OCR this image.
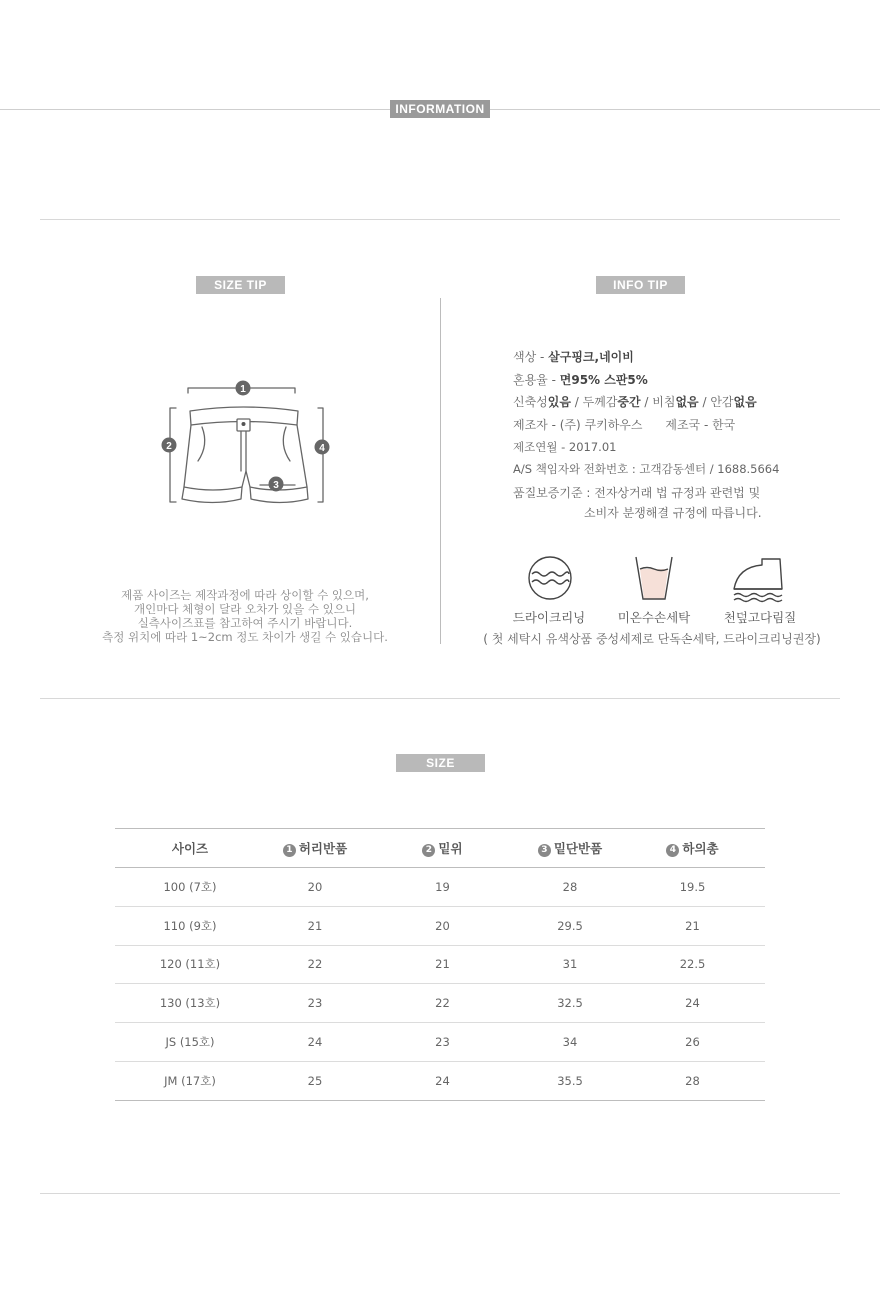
INFORMATION
SIZE TIP
1
2
3
4
제품 사이즈는 제작과정에 따라 상이할 수 있으며,
개인마다 체형이 달라 오차가 있을 수 있으니
실측사이즈표를 참고하여 주시기 바랍니다.
측정 위치에 따라 1~2cm 정도 차이가 생길 수 있습니다.
INFO TIP
색상 - 살구핑크,네이비
혼용율 - 면95% 스판5%
신축성있음 / 두께감중간 / 비침없음 / 안감없음
제조자 - (주) 쿠키하우스      제조국 - 한국
제조연월 - 2017.01
A/S 책임자와 전화번호 : 고객감동센터 / 1688.5664
품질보증기준 : 전자상거래 법 규정과 관련법 및
소비자 분쟁해결 규정에 따릅니다.
드라이크리닝	미온수손세탁	천덮고다림질
( 첫 세탁시 유색상품 중성세제로 단독손세탁, 드라이크리닝권장)
SIZE
사이즈	1 허리반품	2 밑위	3 밑단반품	4 하의총
100 (7호)	20	19	28	19.5
110 (9호)	21	20	29.5	21
120 (11호)	22	21	31	22.5
130 (13호)	23	22	32.5	24
JS (15호)	24	23	34	26
JM (17호)	25	24	35.5	28
